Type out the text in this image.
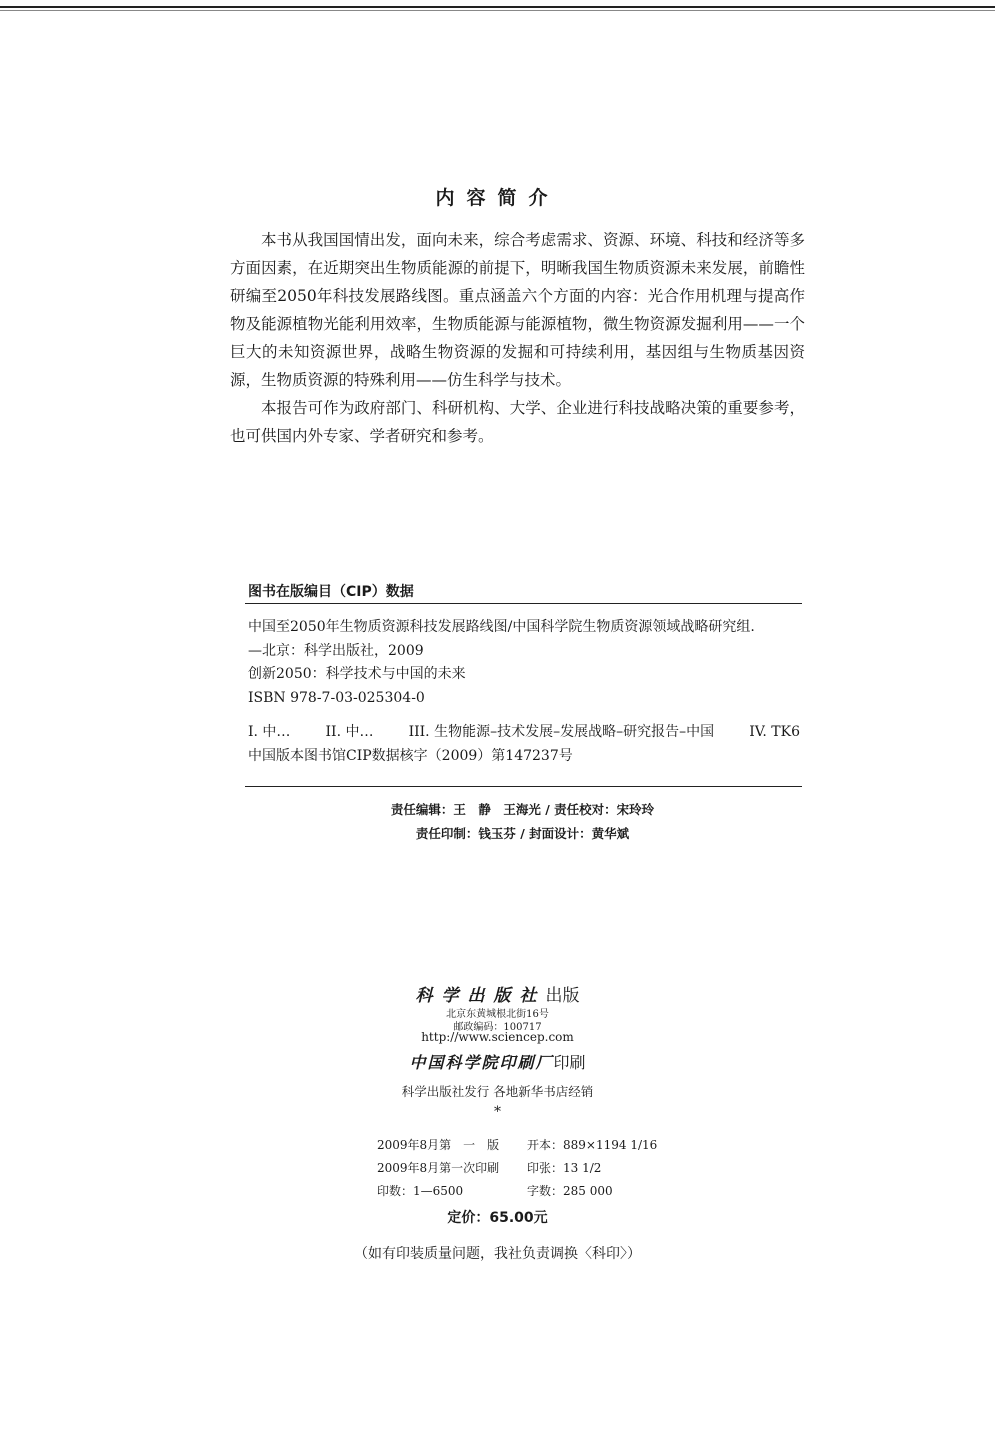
内容简介

本书从我国国情出发，面向未来，综合考虑需求、资源、环境、科技和经济等多方面因素，在近期突出生物质能源的前提下，明晰我国生物质资源未来发展，前瞻性研编至2050年科技发展路线图。重点涵盖六个方面的内容：光合作用机理与提高作物及能源植物光能利用效率，生物质能源与能源植物，微生物资源发掘利用——一个巨大的未知资源世界，战略生物资源的发掘和可持续利用，基因组与生物质基因资源，生物质资源的特殊利用——仿生科学与技术。

本报告可作为政府部门、科研机构、大学、企业进行科技战略决策的重要参考，也可供国内外专家、学者研究和参考。

图书在版编目（CIP）数据
中国至2050年生物质资源科技发展路线图/中国科学院生物质资源领域战略研究组.
—北京：科学出版社，2009
创新2050：科学技术与中国的未来
ISBN 978-7-03-025304-0
I. 中…	II. 中…	III. 生物能源–技术发展–发展战略–研究报告–中国	IV. TK6
中国版本图书馆CIP数据核字（2009）第147237号
责任编辑：王　静　王海光 / 责任校对：宋玲玲
责任印制：钱玉芬 / 封面设计：黄华斌
科学出版社出版
北京东黄城根北街16号
邮政编码：100717
http://www.sciencep.com
中国科学院印刷厂印刷
科学出版社发行 各地新华书店经销
*
2009年8月第　一　版 开本：889×1194 1/16
2009年8月第一次印刷 印张：13 1/2
印数：1—6500	字数：285 000
定价：65.00元
（如有印装质量问题，我社负责调换〈科印〉）
